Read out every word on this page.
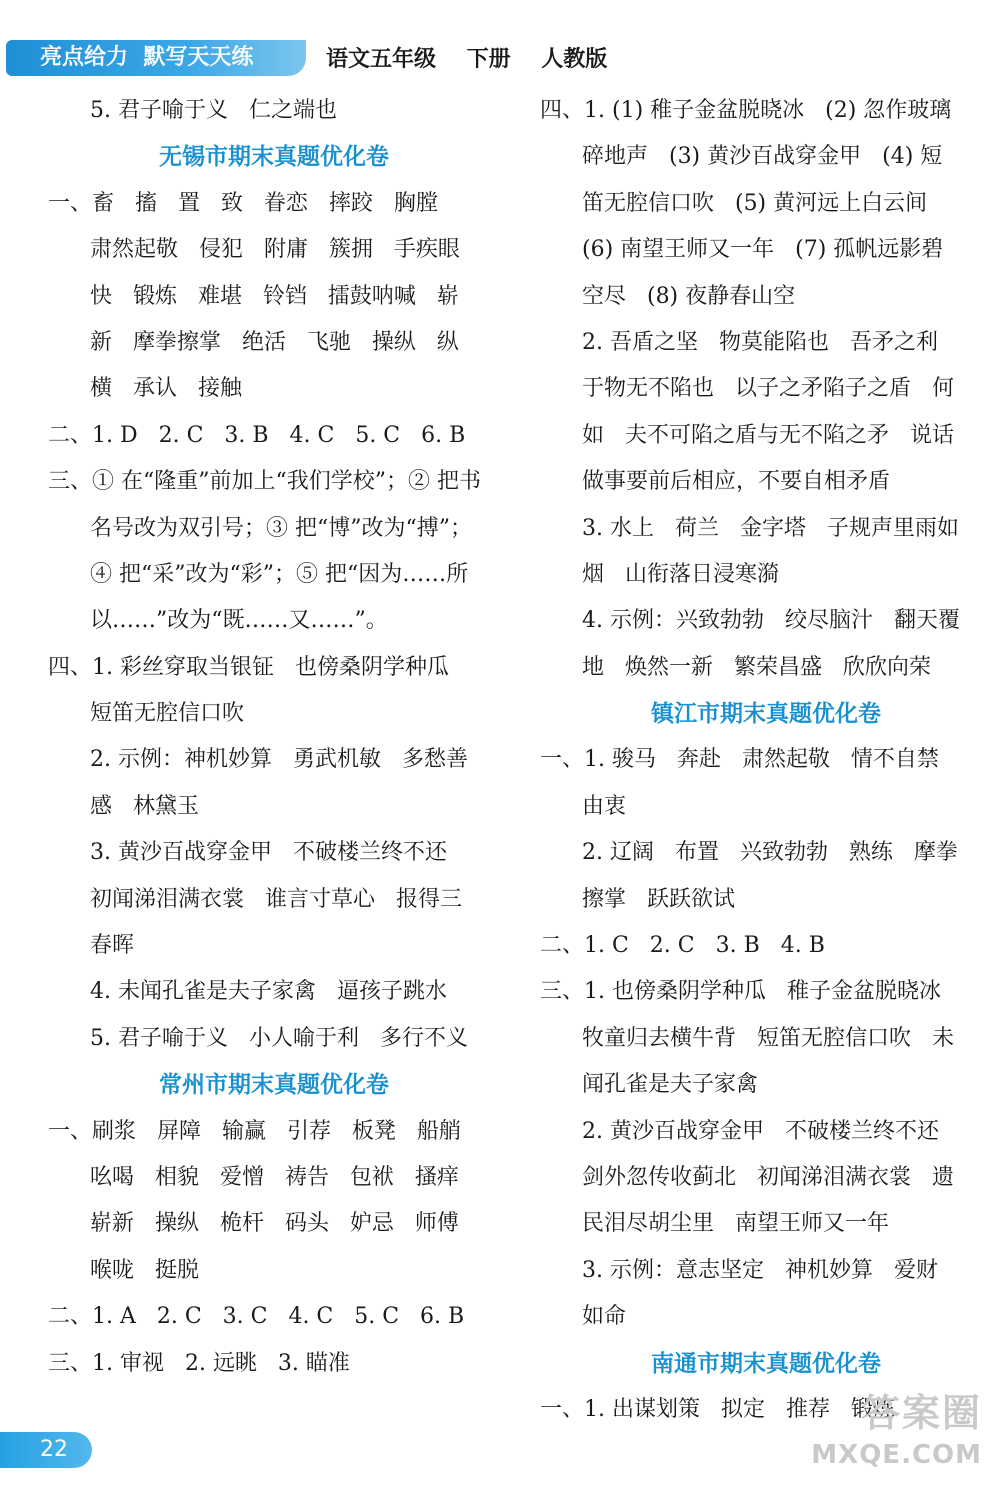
亮点给力  默写天天练	语文五年级    下册    人教版
5. 君子喻于义   仁之端也
无锡市期末真题优化卷
一、畜   搐   置   致   眷恋   摔跤   胸膛
肃然起敬   侵犯   附庸   簇拥   手疾眼
快   锻炼   难堪   铃铛   擂鼓呐喊   崭
新   摩拳擦掌   绝活   飞驰   操纵   纵
横   承认   接触
二、1. D   2. C   3. B   4. C   5. C   6. B
三、① 在“隆重”前加上“我们学校”；② 把书
名号改为双引号；③ 把“博”改为“搏”；
④ 把“采”改为“彩”；⑤ 把“因为……所
以……”改为“既……又……”。
四、1. 彩丝穿取当银钲   也傍桑阴学种瓜
短笛无腔信口吹
2. 示例：神机妙算   勇武机敏   多愁善
感   林黛玉
3. 黄沙百战穿金甲   不破楼兰终不还
初闻涕泪满衣裳   谁言寸草心   报得三
春晖
4. 未闻孔雀是夫子家禽   逼孩子跳水
5. 君子喻于义   小人喻于利   多行不义
常州市期末真题优化卷
一、刷浆   屏障   输赢   引荐   板凳   船艄
吆喝   相貌   爱憎   祷告   包袱   搔痒
崭新   操纵   桅杆   码头   妒忌   师傅
喉咙   挺脱
二、1. A   2. C   3. C   4. C   5. C   6. B
三、1. 审视   2. 远眺   3. 瞄准
四、1. (1) 稚子金盆脱晓冰   (2) 忽作玻璃
碎地声   (3) 黄沙百战穿金甲   (4) 短
笛无腔信口吹   (5) 黄河远上白云间
(6) 南望王师又一年   (7) 孤帆远影碧
空尽   (8) 夜静春山空
2. 吾盾之坚   物莫能陷也   吾矛之利
于物无不陷也   以子之矛陷子之盾   何
如   夫不可陷之盾与无不陷之矛   说话
做事要前后相应，不要自相矛盾
3. 水上   荷兰   金字塔   子规声里雨如
烟   山衔落日浸寒漪
4. 示例：兴致勃勃   绞尽脑汁   翻天覆
地   焕然一新   繁荣昌盛   欣欣向荣
镇江市期末真题优化卷
一、1. 骏马   奔赴   肃然起敬   情不自禁
由衷
2. 辽阔   布置   兴致勃勃   熟练   摩拳
擦掌   跃跃欲试
二、1. C   2. C   3. B   4. B
三、1. 也傍桑阴学种瓜   稚子金盆脱晓冰
牧童归去横牛背   短笛无腔信口吹   未
闻孔雀是夫子家禽
2. 黄沙百战穿金甲   不破楼兰终不还
剑外忽传收蓟北   初闻涕泪满衣裳   遗
民泪尽胡尘里   南望王师又一年
3. 示例：意志坚定   神机妙算   爱财
如命
南通市期末真题优化卷
一、1. 出谋划策   拟定   推荐   锻炼
22
答案圈
MXQE.COM
